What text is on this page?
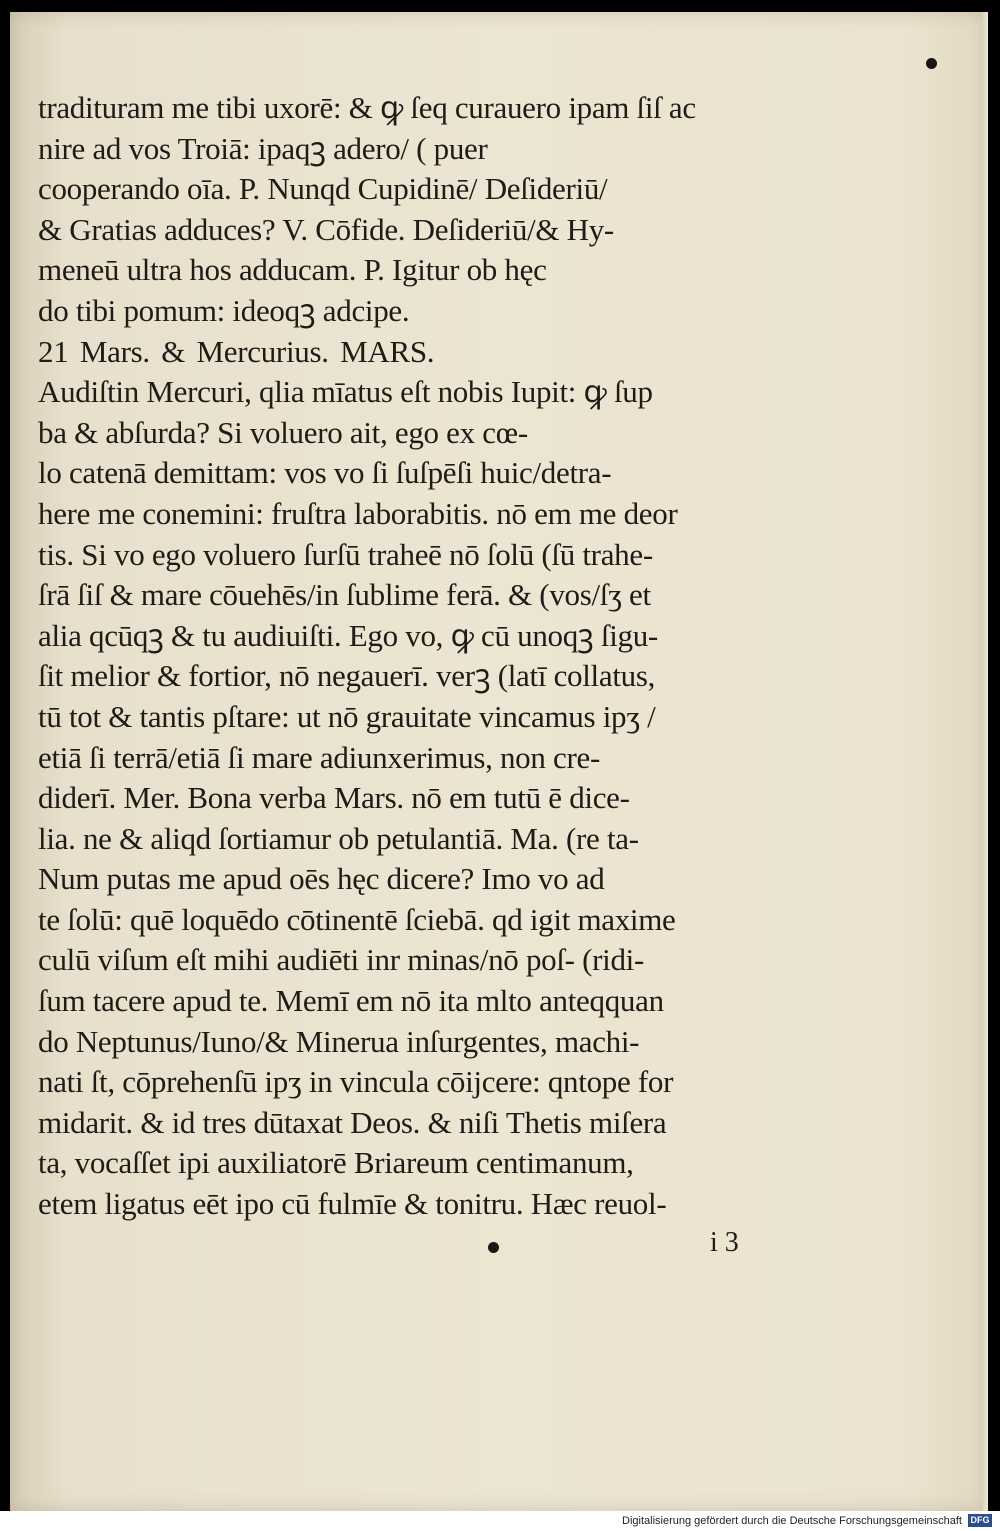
tradituram me tibi uxorē: & ꝙ ſeq curauero ipam ſiſ ac
nire ad vos Troiā: ipaqꝫ adero/ ( puer
cooperando oīa. P. Nunqd Cupidinē/ Deſideriū/
& Gratias adduces? V. Cōfide. Deſideriū/& Hy-
meneū ultra hos adducam. P. Igitur ob hęc
do tibi pomum: ideoqꝫ adcipe.
21 Mars. & Mercurius. MARS.
Audiſtin Mercuri, qlia mīatus eſt nobis Iupit: ꝙ ſup
ba & abſurda? Si voluero ait, ego ex cœ-
lo catenā demittam: vos vo ſi ſuſpēſi huic/detra-
here me conemini: fruſtra laborabitis. nō em me deor
tis. Si vo ego voluero ſurſū traheē nō ſolū (ſū trahe-
ſrā ſiſ & mare cōuehēs/in ſublime ferā. & (vos/ſʒ et
alia qcūqꝫ & tu audiuiſti. Ego vo, ꝙ cū unoqꝫ ſigu-
ſit melior & fortior, nō negauerī. verꝫ (latī collatus,
tū tot & tantis pſtare: ut nō grauitate vincamus ipʒ /
etiā ſi terrā/etiā ſi mare adiunxerimus, non cre-
diderī. Mer. Bona verba Mars. nō em tutū ē dice-
lia. ne & aliqd ſortiamur ob petulantiā. Ma. (re ta-
Num putas me apud oēs hęc dicere? Imo vo ad
te ſolū: quē loquēdo cōtinentē ſciebā. qd igit maxime
culū viſum eſt mihi audiēti inr minas/nō poſ- (ridi-
ſum tacere apud te. Memī em nō ita mlto anteqquan
do Neptunus/Iuno/& Minerua inſurgentes, machi-
nati ſt, cōprehenſū ipʒ in vincula cōijcere: qntope for
midarit. & id tres dūtaxat Deos. & niſi Thetis miſera
ta, vocaſſet ipi auxiliatorē Briareum centimanum,
etem ligatus eēt ipo cū fulmīe & tonitru. Hæc reuol-
i 3
Digitalisierung gefördert durch die Deutsche Forschungsgemeinschaft DFG
